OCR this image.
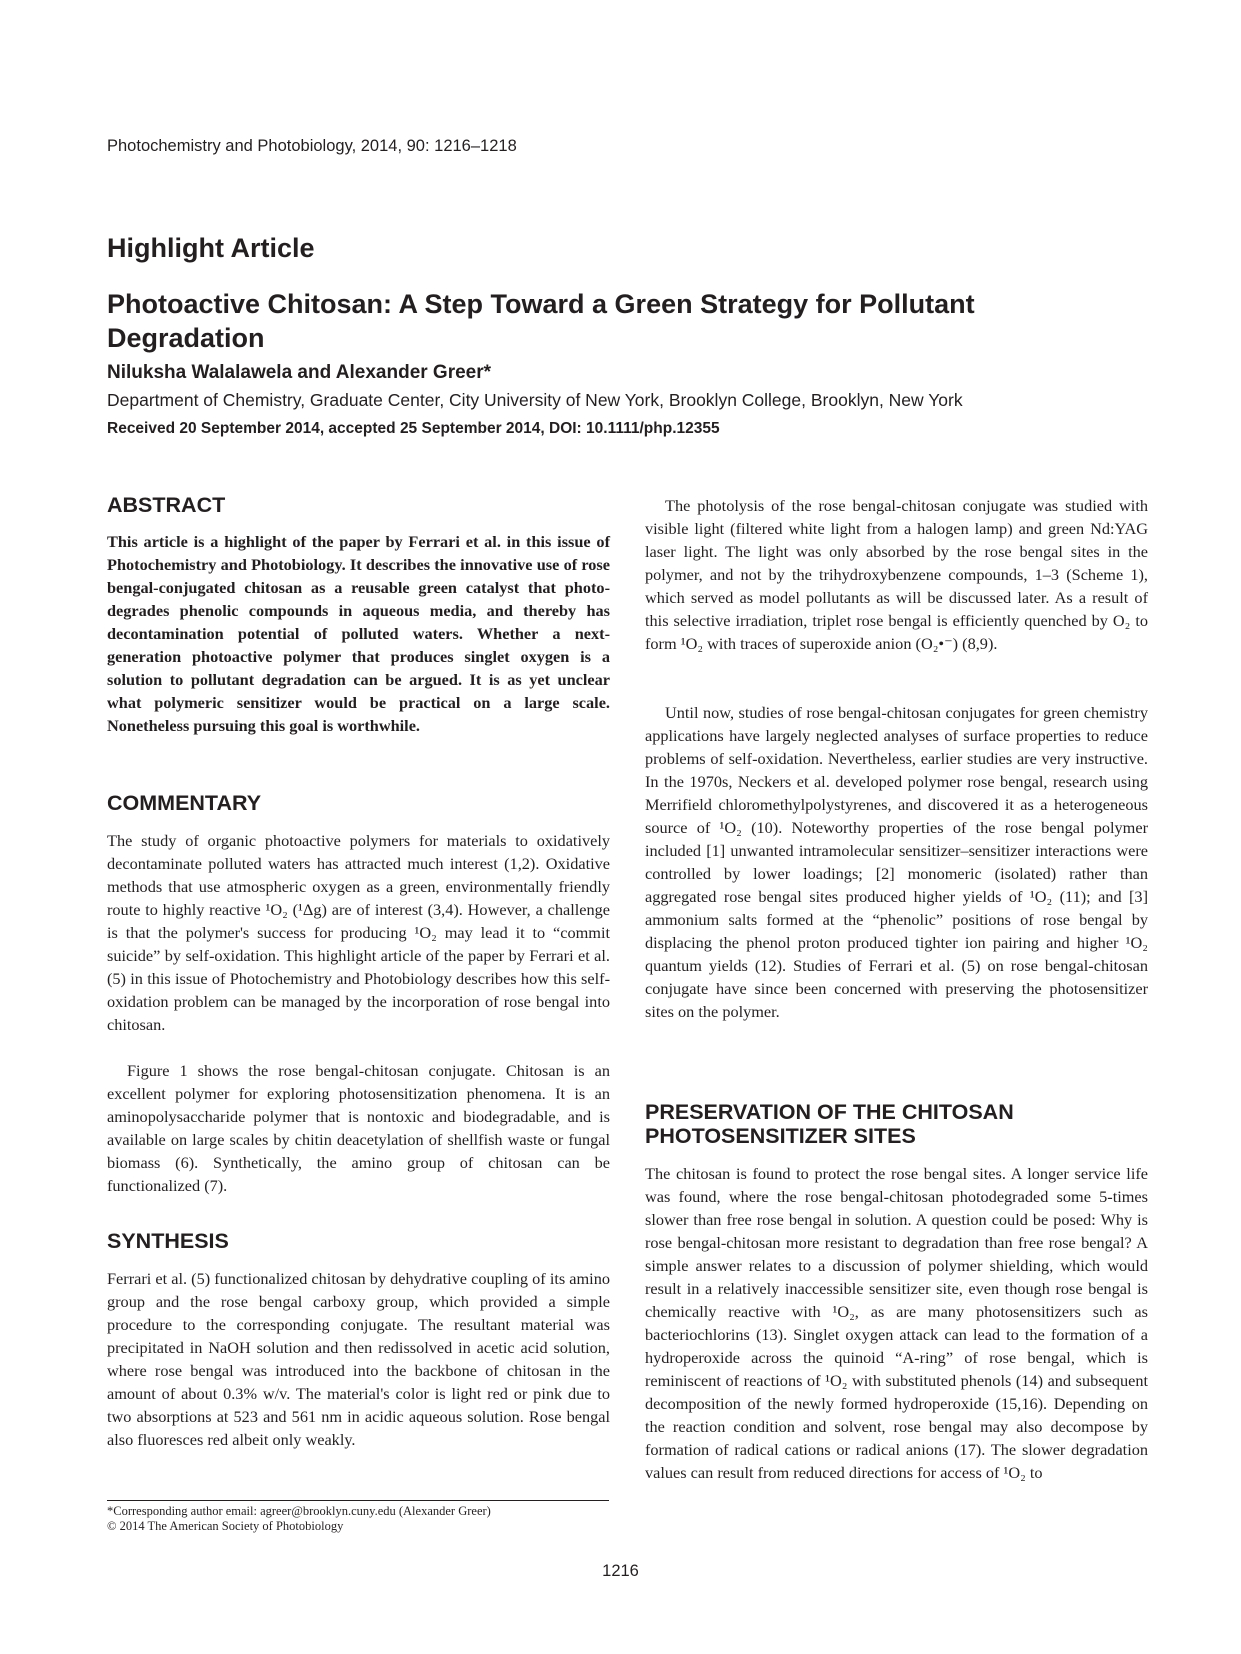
Photochemistry and Photobiology, 2014, 90: 1216–1218
Highlight Article
Photoactive Chitosan: A Step Toward a Green Strategy for Pollutant Degradation
Niluksha Walalawela and Alexander Greer*
Department of Chemistry, Graduate Center, City University of New York, Brooklyn College, Brooklyn, New York
Received 20 September 2014, accepted 25 September 2014, DOI: 10.1111/php.12355
ABSTRACT

This article is a highlight of the paper by Ferrari et al. in this issue of Photochemistry and Photobiology. It describes the innovative use of rose bengal-conjugated chitosan as a reusable green catalyst that photo-degrades phenolic compounds in aqueous media, and thereby has decontamination potential of polluted waters. Whether a next-generation photoactive polymer that produces singlet oxygen is a solution to pollutant degradation can be argued. It is as yet unclear what polymeric sensitizer would be practical on a large scale. Nonetheless pursuing this goal is worthwhile.

COMMENTARY

The study of organic photoactive polymers for materials to oxidatively decontaminate polluted waters has attracted much interest (1,2). Oxidative methods that use atmospheric oxygen as a green, environmentally friendly route to highly reactive ¹O₂ (¹Δg) are of interest (3,4). However, a challenge is that the polymer's success for producing ¹O₂ may lead it to “commit suicide” by self-oxidation. This highlight article of the paper by Ferrari et al. (5) in this issue of Photochemistry and Photobiology describes how this self-oxidation problem can be managed by the incorporation of rose bengal into chitosan.

Figure 1 shows the rose bengal-chitosan conjugate. Chitosan is an excellent polymer for exploring photosensitization phenomena. It is an aminopolysaccharide polymer that is nontoxic and biodegradable, and is available on large scales by chitin deacetylation of shellfish waste or fungal biomass (6). Synthetically, the amino group of chitosan can be functionalized (7).

SYNTHESIS

Ferrari et al. (5) functionalized chitosan by dehydrative coupling of its amino group and the rose bengal carboxy group, which provided a simple procedure to the corresponding conjugate. The resultant material was precipitated in NaOH solution and then redissolved in acetic acid solution, where rose bengal was introduced into the backbone of chitosan in the amount of about 0.3% w/v. The material's color is light red or pink due to two absorptions at 523 and 561 nm in acidic aqueous solution. Rose bengal also fluoresces red albeit only weakly.

*Corresponding author email: agreer@brooklyn.cuny.edu (Alexander Greer)
© 2014 The American Society of Photobiology

The photolysis of the rose bengal-chitosan conjugate was studied with visible light (filtered white light from a halogen lamp) and green Nd:YAG laser light. The light was only absorbed by the rose bengal sites in the polymer, and not by the trihydroxybenzene compounds, 1–3 (Scheme 1), which served as model pollutants as will be discussed later. As a result of this selective irradiation, triplet rose bengal is efficiently quenched by O₂ to form ¹O₂ with traces of superoxide anion (O₂•⁻) (8,9).

Until now, studies of rose bengal-chitosan conjugates for green chemistry applications have largely neglected analyses of surface properties to reduce problems of self-oxidation. Nevertheless, earlier studies are very instructive. In the 1970s, Neckers et al. developed polymer rose bengal, research using Merrifield chloromethylpolystyrenes, and discovered it as a heterogeneous source of ¹O₂ (10). Noteworthy properties of the rose bengal polymer included [1] unwanted intramolecular sensitizer–sensitizer interactions were controlled by lower loadings; [2] monomeric (isolated) rather than aggregated rose bengal sites produced higher yields of ¹O₂ (11); and [3] ammonium salts formed at the “phenolic” positions of rose bengal by displacing the phenol proton produced tighter ion pairing and higher ¹O₂ quantum yields (12). Studies of Ferrari et al. (5) on rose bengal-chitosan conjugate have since been concerned with preserving the photosensitizer sites on the polymer.

PRESERVATION OF THE CHITOSAN PHOTOSENSITIZER SITES

The chitosan is found to protect the rose bengal sites. A longer service life was found, where the rose bengal-chitosan photodegraded some 5-times slower than free rose bengal in solution. A question could be posed: Why is rose bengal-chitosan more resistant to degradation than free rose bengal? A simple answer relates to a discussion of polymer shielding, which would result in a relatively inaccessible sensitizer site, even though rose bengal is chemically reactive with ¹O₂, as are many photosensitizers such as bacteriochlorins (13). Singlet oxygen attack can lead to the formation of a hydroperoxide across the quinoid “A-ring” of rose bengal, which is reminiscent of reactions of ¹O₂ with substituted phenols (14) and subsequent decomposition of the newly formed hydroperoxide (15,16). Depending on the reaction condition and solvent, rose bengal may also decompose by formation of radical cations or radical anions (17). The slower degradation values can result from reduced directions for access of ¹O₂ to

1216
